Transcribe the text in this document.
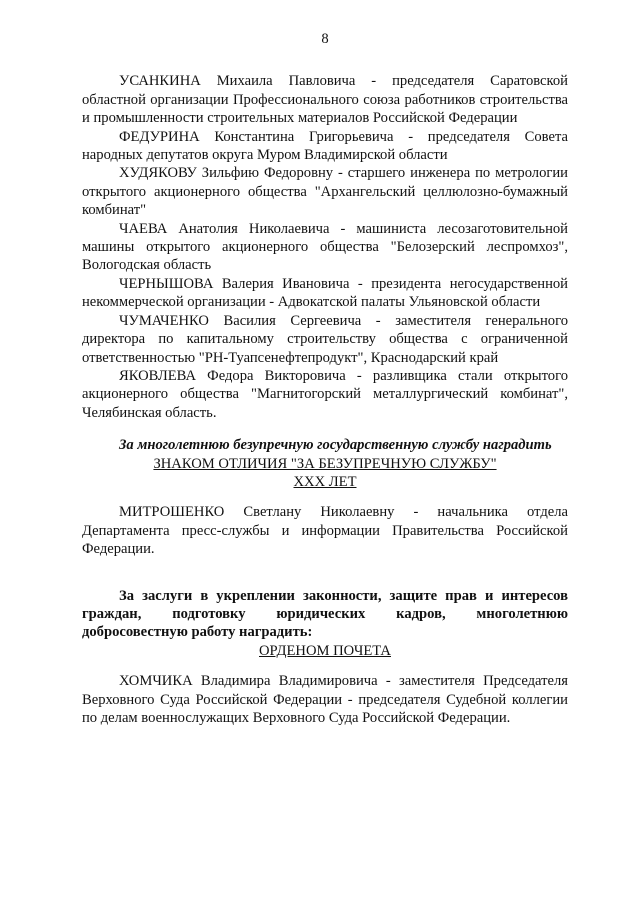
8

УСАНКИНА Михаила Павловича - председателя Саратовской областной организации Профессионального союза работников строительства и промышленности строительных материалов Российской Федерации

ФЕДУРИНА Константина Григорьевича - председателя Совета народных депутатов округа Муром Владимирской области

ХУДЯКОВУ Зильфию Федоровну - старшего инженера по метрологии открытого акционерного общества "Архангельский целлюлозно-бумажный комбинат"

ЧАЕВА Анатолия Николаевича - машиниста лесозаготовительной машины открытого акционерного общества "Белозерский леспромхоз", Вологодская область

ЧЕРНЫШОВА Валерия Ивановича - президента негосударственной некоммерческой организации - Адвокатской палаты Ульяновской области

ЧУМАЧЕНКО Василия Сергеевича - заместителя генерального директора по капитальному строительству общества с ограниченной ответственностью "РН-Туапсенефтепродукт", Краснодарский край

ЯКОВЛЕВА Федора Викторовича - разливщика стали открытого акционерного общества "Магнитогорский металлургический комбинат", Челябинская область.

За многолетнюю безупречную государственную службу наградить

ЗНАКОМ ОТЛИЧИЯ "ЗА БЕЗУПРЕЧНУЮ СЛУЖБУ"

XXX ЛЕТ

МИТРОШЕНКО Светлану Николаевну - начальника отдела Департамента пресс-службы и информации Правительства Российской Федерации.

За заслуги в укреплении законности, защите прав и интересов граждан, подготовку юридических кадров, многолетнюю добросовестную работу наградить:

ОРДЕНОМ ПОЧЕТА

ХОМЧИКА Владимира Владимировича - заместителя Председателя Верховного Суда Российской Федерации - председателя Судебной коллегии по делам военнослужащих Верховного Суда Российской Федерации.
